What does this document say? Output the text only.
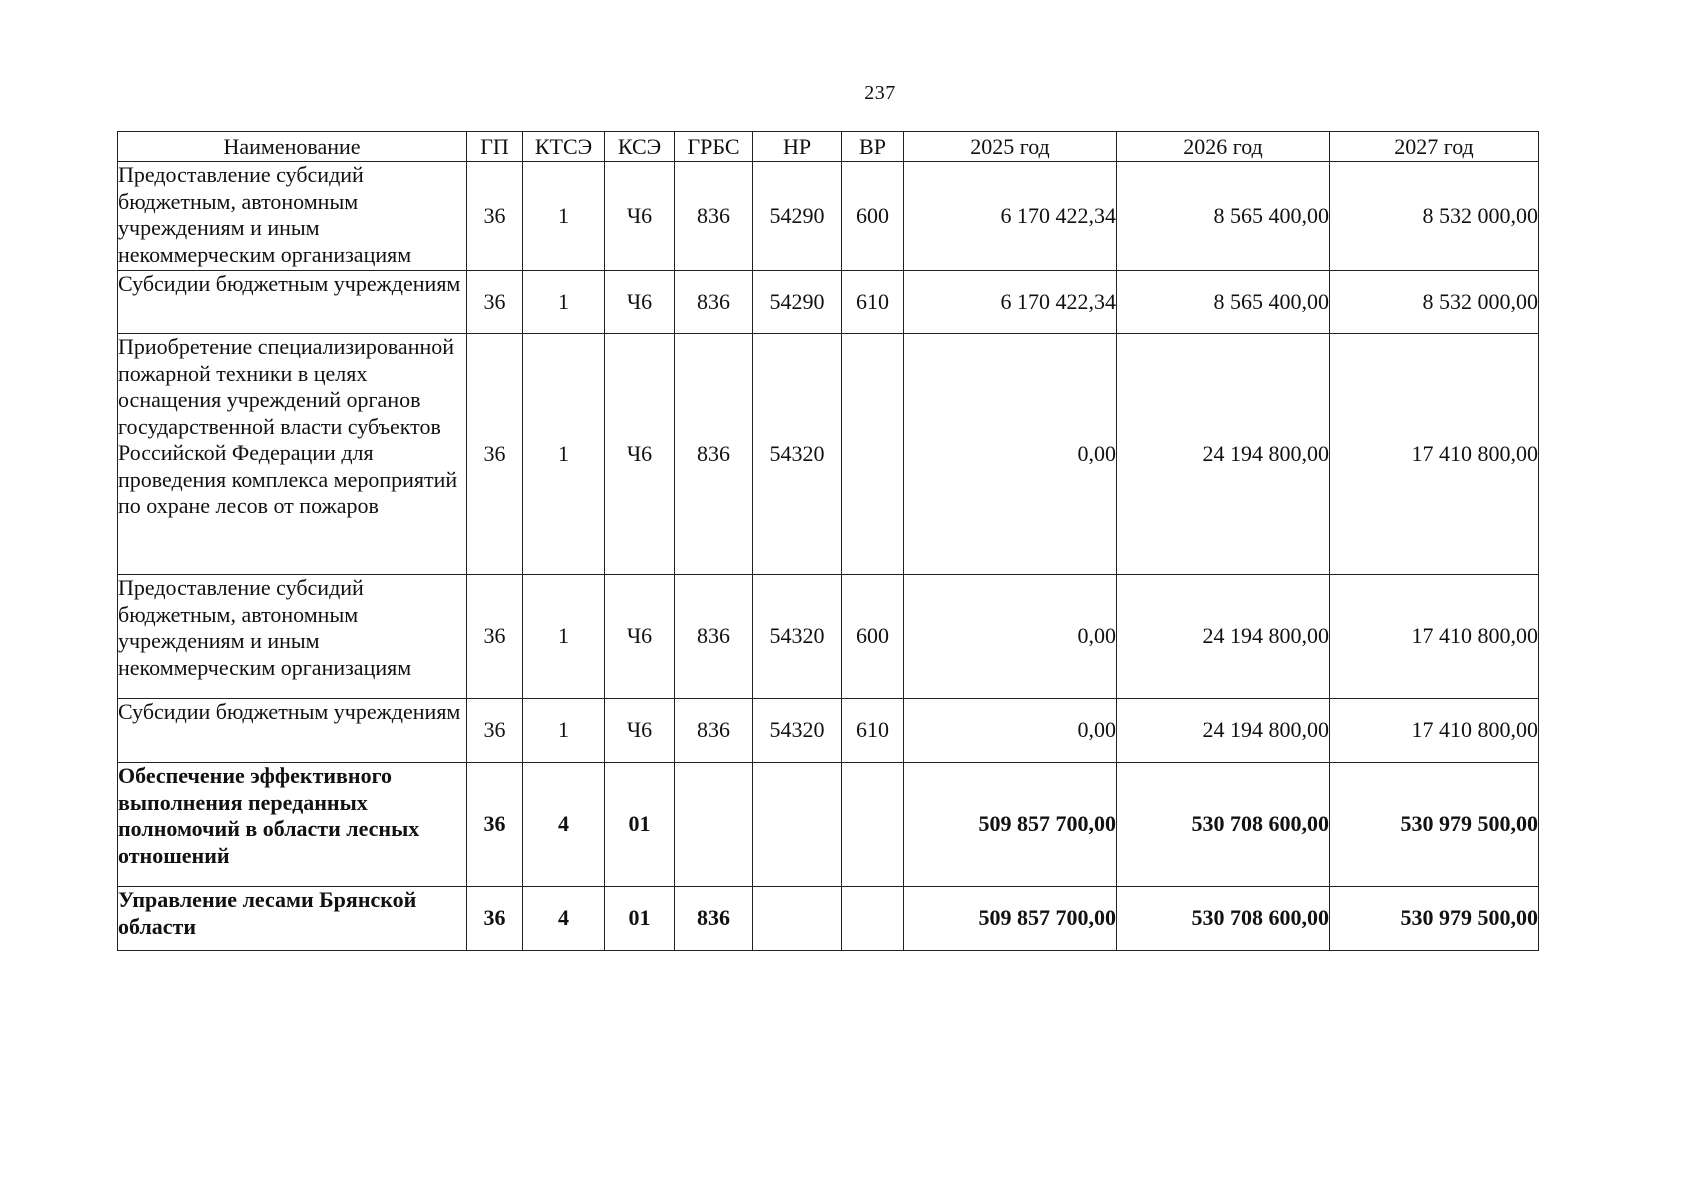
237
Наименование	ГП	КТСЭ	КСЭ	ГРБС	НР	ВР	2025 год	2026 год	2027 год
Предоставление субсидий бюджетным, автономным учреждениям и иным некоммерческим организациям	36	1	Ч6	836	54290	600	6 170 422,34	8 565 400,00	8 532 000,00
Субсидии бюджетным учреждениям	36	1	Ч6	836	54290	610	6 170 422,34	8 565 400,00	8 532 000,00
Приобретение специализированной пожарной техники в целях оснащения учреждений органов государственной власти субъектов Российской Федерации для проведения комплекса мероприятий по охране лесов от пожаров	36	1	Ч6	836	54320		0,00	24 194 800,00	17 410 800,00
Предоставление субсидий бюджетным, автономным учреждениям и иным некоммерческим организациям	36	1	Ч6	836	54320	600	0,00	24 194 800,00	17 410 800,00
Субсидии бюджетным учреждениям	36	1	Ч6	836	54320	610	0,00	24 194 800,00	17 410 800,00
Обеспечение эффективного выполнения переданных полномочий в области лесных отношений	36	4	01				509 857 700,00	530 708 600,00	530 979 500,00
Управление лесами Брянской области	36	4	01	836			509 857 700,00	530 708 600,00	530 979 500,00
